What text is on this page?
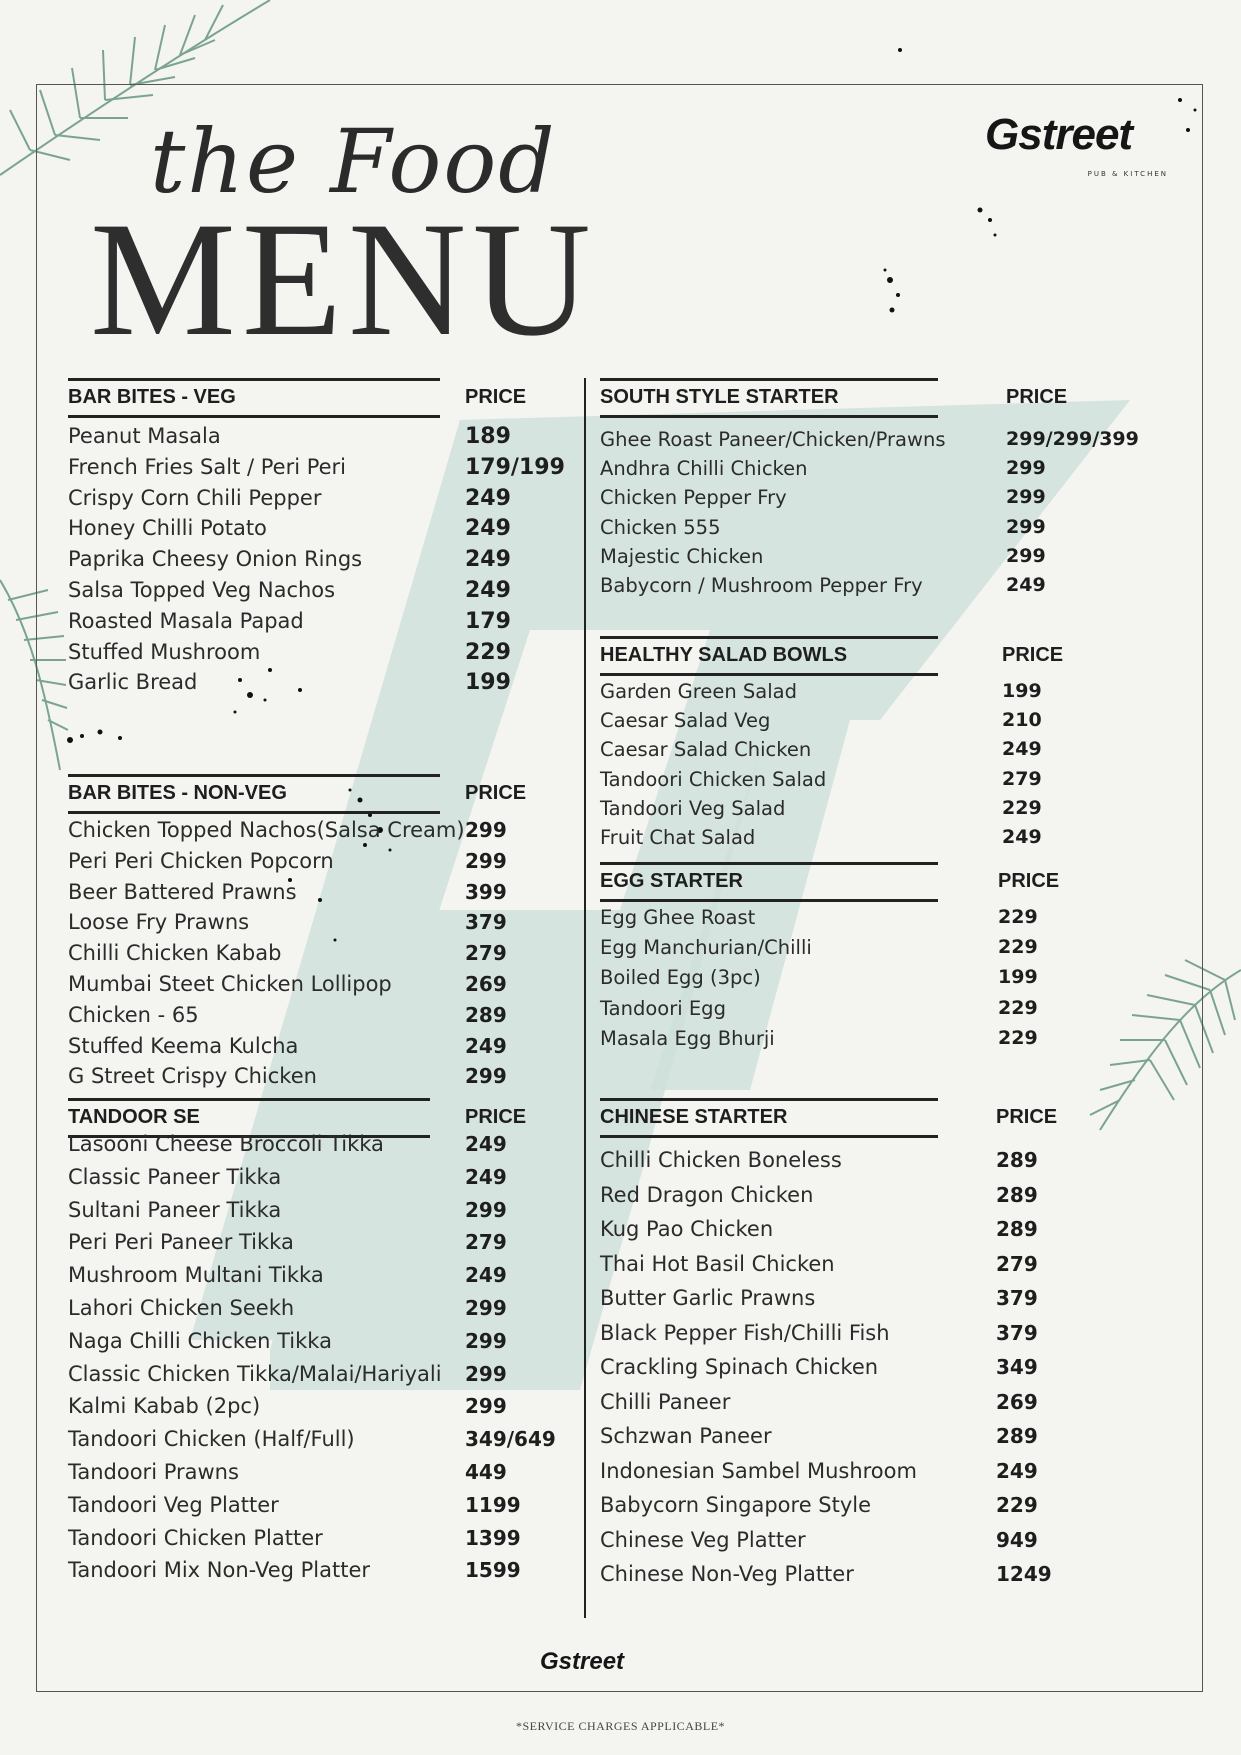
the Food
MENU
Gstreet
PUB & KITCHEN
BAR BITES - VEG	PRICE
Peanut Masala	189
French Fries Salt / Peri Peri	179/199
Crispy Corn Chili Pepper	249
Honey Chilli Potato	249
Paprika Cheesy Onion Rings	249
Salsa Topped Veg Nachos	249
Roasted Masala Papad	179
Stuffed Mushroom	229
Garlic Bread	199
BAR BITES - NON-VEG	PRICE
Chicken Topped Nachos(Salsa Cream) 299
Peri Peri Chicken Popcorn	299
Beer Battered Prawns	399
Loose Fry Prawns	379
Chilli Chicken Kabab	279
Mumbai Steet Chicken Lollipop	269
Chicken - 65	289
Stuffed Keema Kulcha	249
G Street Crispy Chicken	299
TANDOOR SE	PRICE
Lasooni Cheese Broccoli Tikka	249
Classic Paneer Tikka	249
Sultani Paneer Tikka	299
Peri Peri Paneer Tikka	279
Mushroom Multani Tikka	249
Lahori Chicken Seekh	299
Naga Chilli Chicken Tikka	299
Classic Chicken Tikka/Malai/Hariyali 299
Kalmi Kabab (2pc)	299
Tandoori Chicken (Half/Full)	349/649
Tandoori Prawns	449
Tandoori Veg Platter	1199
Tandoori Chicken Platter	1399
Tandoori Mix Non-Veg Platter	1599
SOUTH STYLE STARTER	PRICE
Ghee Roast Paneer/Chicken/Prawns	299/299/399
Andhra Chilli Chicken	299
Chicken Pepper Fry	299
Chicken 555	299
Majestic Chicken	299
Babycorn / Mushroom Pepper Fry	249
HEALTHY SALAD BOWLS	PRICE
Garden Green Salad	199
Caesar Salad Veg	210
Caesar Salad Chicken	249
Tandoori Chicken Salad	279
Tandoori Veg Salad	229
Fruit Chat Salad	249
EGG STARTER	PRICE
Egg Ghee Roast	229
Egg Manchurian/Chilli	229
Boiled Egg (3pc)	199
Tandoori Egg	229
Masala Egg Bhurji	229
CHINESE STARTER	PRICE
Chilli Chicken Boneless	289
Red Dragon Chicken	289
Kug Pao Chicken	289
Thai Hot Basil Chicken	279
Butter Garlic Prawns	379
Black Pepper Fish/Chilli Fish	379
Crackling Spinach Chicken	349
Chilli Paneer	269
Schzwan Paneer	289
Indonesian Sambel Mushroom	249
Babycorn Singapore Style	229
Chinese Veg Platter	949
Chinese Non-Veg Platter	1249
Gstreet
*SERVICE CHARGES APPLICABLE*
